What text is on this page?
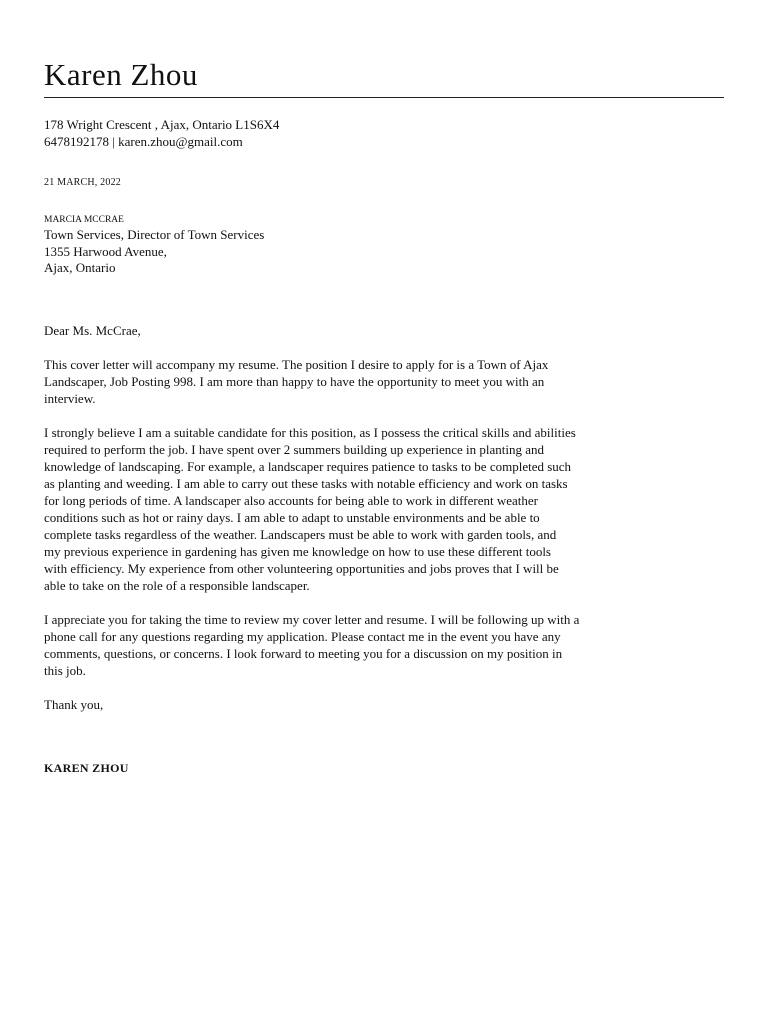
Karen Zhou
178 Wright Crescent , Ajax, Ontario L1S6X4
6478192178 | karen.zhou@gmail.com
21 MARCH, 2022
MARCIA MCCRAE
Town Services, Director of Town Services
1355 Harwood Avenue,
Ajax, Ontario

Dear Ms. McCrae,

This cover letter will accompany my resume. The position I desire to apply for is a Town of Ajax
Landscaper, Job Posting 998. I am more than happy to have the opportunity to meet you with an
interview.

I strongly believe I am a suitable candidate for this position, as I possess the critical skills and abilities
required to perform the job. I have spent over 2 summers building up experience in planting and
knowledge of landscaping. For example, a landscaper requires patience to tasks to be completed such
as planting and weeding. I am able to carry out these tasks with notable efficiency and work on tasks
for long periods of time. A landscaper also accounts for being able to work in different weather
conditions such as hot or rainy days. I am able to adapt to unstable environments and be able to
complete tasks regardless of the weather. Landscapers must be able to work with garden tools, and
my previous experience in gardening has given me knowledge on how to use these different tools
with efficiency. My experience from other volunteering opportunities and jobs proves that I will be
able to take on the role of a responsible landscaper.

I appreciate you for taking the time to review my cover letter and resume. I will be following up with a
phone call for any questions regarding my application. Please contact me in the event you have any
comments, questions, or concerns. I look forward to meeting you for a discussion on my position in
this job.

Thank you,

KAREN ZHOU
